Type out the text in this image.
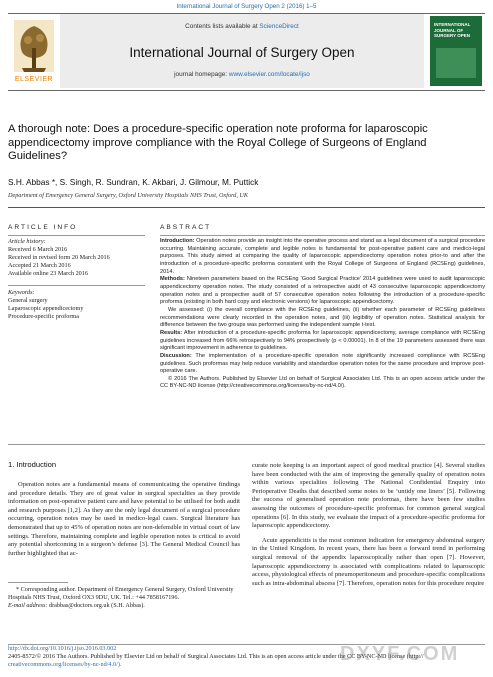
International Journal of Surgery Open 2 (2016) 1–5
ELSEVIER
Contents lists available at ScienceDirect
International Journal of Surgery Open
journal homepage: www.elsevier.com/locate/ijso
INTERNATIONAL JOURNAL OF SURGERY OPEN
A thorough note: Does a procedure-specific operation note proforma for laparoscopic appendicectomy improve compliance with the Royal College of Surgeons of England Guidelines?
S.H. Abbas *, S. Singh, R. Sundran, K. Akbari, J. Gilmour, M. Puttick
Department of Emergency General Surgery, Oxford University Hospitals NHS Trust, Oxford, UK
ARTICLE INFO
Article history:
Received 6 March 2016
Received in revised form 20 March 2016
Accepted 21 March 2016
Available online 23 March 2016
Keywords:
General surgery
Laparoscopic appendicectomy
Procedure-specific proforma
ABSTRACT
Introduction: Operation notes provide an insight into the operative process and stand as a legal document of a surgical procedure occurring. Maintaining accurate, complete and legible notes is fundamental for post-operative patient care and medico-legal purposes. This study aimed at comparing the quality of laparoscopic appendicectomy operation notes prior-to and after the introduction of a procedure-specific proforma consistent with the Royal College of Surgeons of England (RCSEng) guidelines, 2014.
Methods: Nineteen parameters based on the RCSEng ‘Good Surgical Practice’ 2014 guidelines were used to audit laparoscopic appendicectomy operation notes. The study consisted of a retrospective audit of 43 consecutive laparoscopic appendicectomy operation notes and a prospective audit of 57 consecutive operation notes following the introduction of a procedure-specific proforma (existing in both hard copy and electronic versions) for laparoscopic appendicectomy.
We assessed: (i) the overall compliance with the RCSEng guidelines, (ii) whether each parameter of RCSEng guidelines recommendations were clearly recorded in the operation notes, and (iii) legibility of operation notes. Statistical analysis for difference between the two groups was performed using the independent sample t-test.
Results: After introduction of a procedure-specific proforma for laparoscopic appendicectomy, average compliance with RCSEng guidelines increased from 66% retrospectively to 94% prospectively (p < 0.00001). In 8 of the 19 parameters assessed there was significant improvement in adherence to guidelines.
Discussion: The implementation of a procedure-specific operation note significantly increased compliance with RCSEng guidelines. Such proformas may help reduce variability and standardise operation notes for the same procedure and improve post-operative care.
© 2016 The Authors. Published by Elsevier Ltd on behalf of Surgical Associates Ltd. This is an open access article under the CC BY-NC-ND license (http://creativecommons.org/licenses/by-nc-nd/4.0/).
1. Introduction

Operation notes are a fundamental means of communicating the operative findings and procedure details. They are of great value in surgical specialties as they provide information on post-operative patient care and have potential to be utilised for both audit and research purposes [1,2]. As they are the only legal document of a surgical procedure occurring, operation notes may be used in medico-legal cases. Surgical literature has demonstrated that up to 45% of operation notes are non-defensible in virtual court of law settings. Therefore, maintaining complete and legible operation notes is critical to avoid any potential shortcoming in a surgeon’s defense [3]. The General Medical Council has further highlighted that ac-

* Corresponding author. Department of Emergency General Surgery, Oxford University Hospitals NHS Trust, Oxford OX3 9DU, UK. Tel.: +44 7858167196.
E-mail address: drabbas@doctors.org.uk (S.H. Abbas).

curate note keeping is an important aspect of good medical practice [4]. Several studies have been conducted with the aim of improving the generally quality of operation notes within various specialties following The National Confidential Enquiry into Perioperative Deaths that described some notes to be ‘untidy one liners’ [5]. Following the success of generalised operation note proformas, there have been few studies assessing the outcomes of procedure-specific proformas for common general surgical operations [6]. In this study, we evaluate the impact of a procedure-specific proforma for laparoscopic appendicectomy.

Acute appendicitis is the most common indication for emergency abdominal surgery in the United Kingdom. In recent years, there has been a forward trend in performing surgical removal of the appendix laparoscopically rather than open [7]. However, laparoscopic appendicectomy is associated with complications related to laparoscopic access, physiological effects of pneumoperitoneum and procedure-specific complications such as intra-abdominal abscess [7]. Therefore, operation notes for this procedure require

http://dx.doi.org/10.1016/j.ijso.2016.03.002
2405-8572/© 2016 The Authors. Published by Elsevier Ltd on behalf of Surgical Associates Ltd. This is an open access article under the CC BY-NC-ND license (http://
creativecommons.org/licenses/by-nc-nd/4.0/).	DXYF.COM
